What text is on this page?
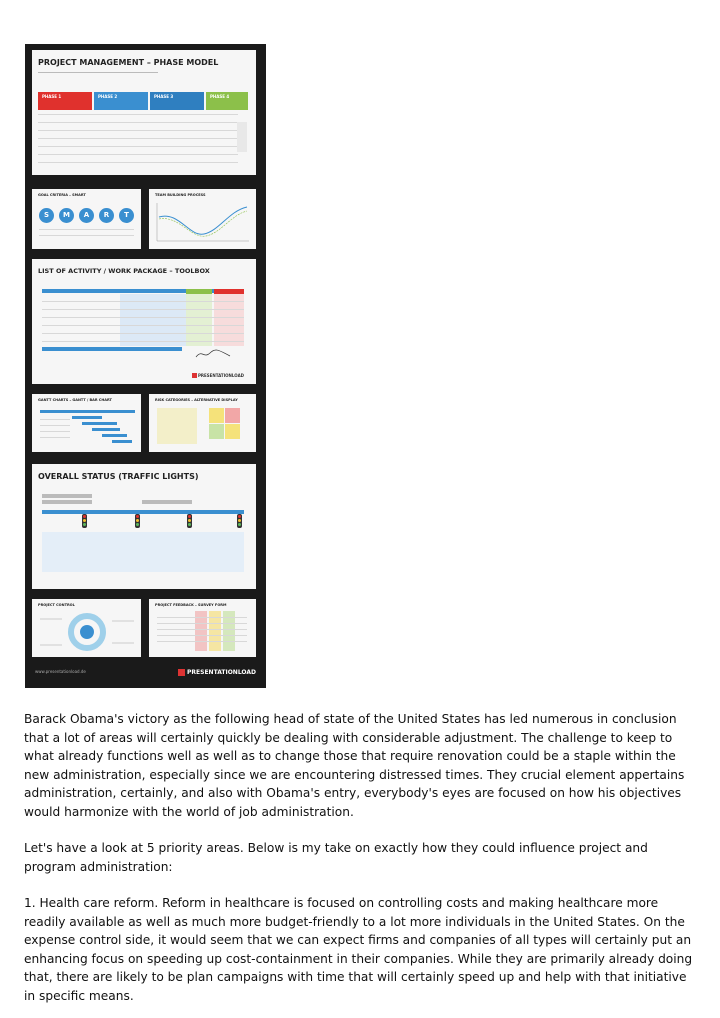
PROJECT MANAGEMENT – PHASE MODEL
PHASE 1	PHASE 2	PHASE 3	PHASE 4
GOAL CRITERIA – SMART
S	M	A	R	T
TEAM BUILDING PROCESS
LIST OF ACTIVITY / WORK PACKAGE – TOOLBOX
PRESENTATIONLOAD
GANTT CHARTS – GANTT / BAR CHART	RISK CATEGORIES – ALTERNATIVE DISPLAY
OVERALL STATUS (TRAFFIC LIGHTS)
PROJECT CONTROL	PROJECT FEEDBACK – SURVEY FORM
www.presentationload.de	PRESENTATIONLOAD

Barack Obama's victory as the following head of state of the United States has led numerous in conclusion that a lot of areas will certainly quickly be dealing with considerable adjustment. The challenge to keep to what already functions well as well as to change those that require renovation could be a staple within the new administration, especially since we are encountering distressed times. They crucial element appertains administration, certainly, and also with Obama's entry, everybody's eyes are focused on how his objectives would harmonize with the world of job administration.

Let's have a look at 5 priority areas. Below is my take on exactly how they could influence project and program administration:

1. Health care reform. Reform in healthcare is focused on controlling costs and making healthcare more readily available as well as much more budget-friendly to a lot more individuals in the United States. On the expense control side, it would seem that we can expect firms and companies of all types will certainly put an enhancing focus on speeding up cost-containment in their companies. While they are primarily already doing that, there are likely to be plan campaigns with time that will certainly speed up and help with that initiative in specific means.
